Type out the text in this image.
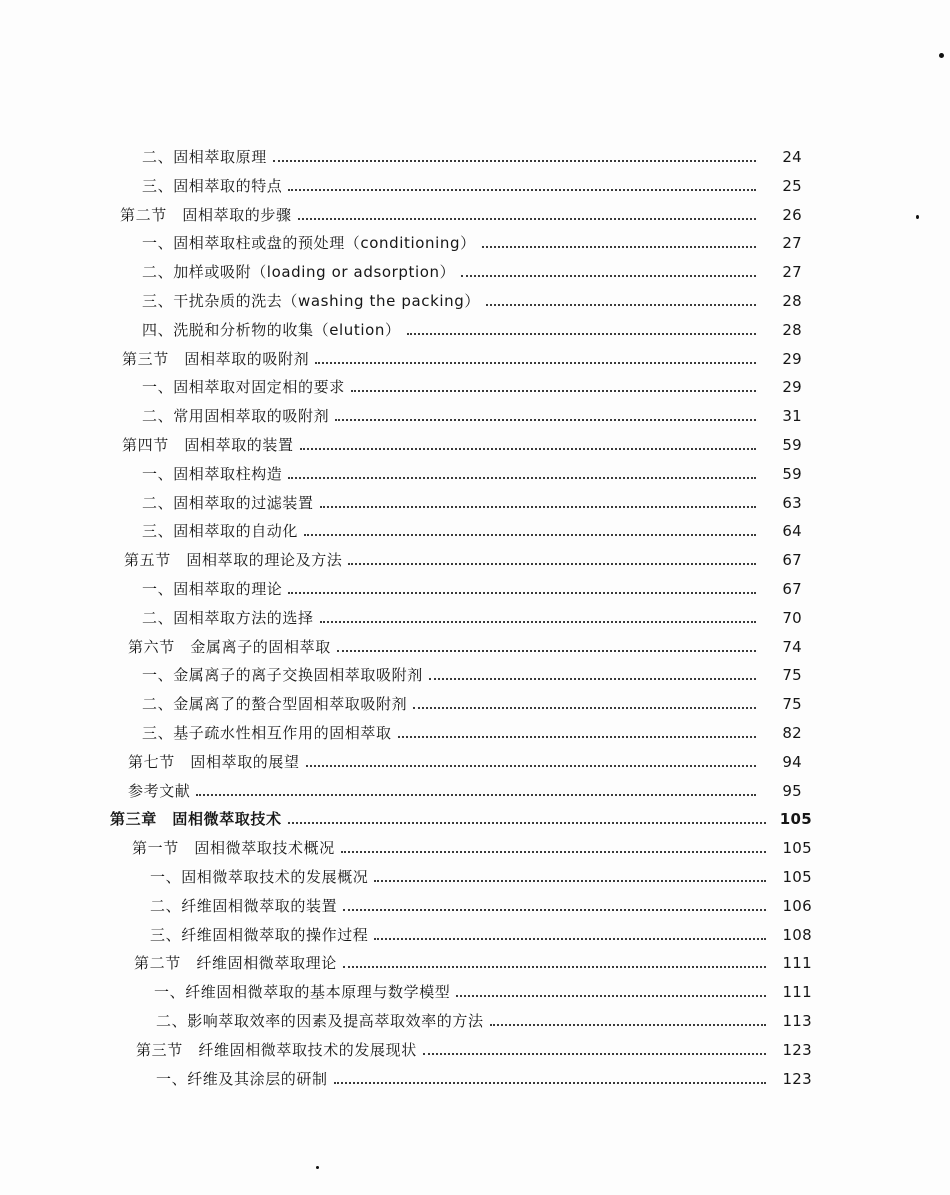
二、固相萃取原理	24
三、固相萃取的特点	25
第二节　固相萃取的步骤	26
一、固相萃取柱或盘的预处理（conditioning）	27
二、加样或吸附（loading or adsorption）	27
三、干扰杂质的洗去（washing the packing）	28
四、洗脱和分析物的收集（elution）	28
第三节　固相萃取的吸附剂	29
一、固相萃取对固定相的要求	29
二、常用固相萃取的吸附剂	31
第四节　固相萃取的装置	59
一、固相萃取柱构造	59
二、固相萃取的过滤装置	63
三、固相萃取的自动化	64
第五节　固相萃取的理论及方法	67
一、固相萃取的理论	67
二、固相萃取方法的选择	70
第六节　金属离子的固相萃取	74
一、金属离子的离子交换固相萃取吸附剂	75
二、金属离了的螯合型固相萃取吸附剂	75
三、基子疏水性相互作用的固相萃取	82
第七节　固相萃取的展望	94
参考文献	95
第三章　固相微萃取技术	105
第一节　固相微萃取技术概况	105
一、固相微萃取技术的发展概况	105
二、纤维固相微萃取的装置	106
三、纤维固相微萃取的操作过程	108
第二节　纤维固相微萃取理论	111
一、纤维固相微萃取的基本原理与数学模型	111
二、影响萃取效率的因素及提高萃取效率的方法	113
第三节　纤维固相微萃取技术的发展现状	123
一、纤维及其涂层的研制	123
